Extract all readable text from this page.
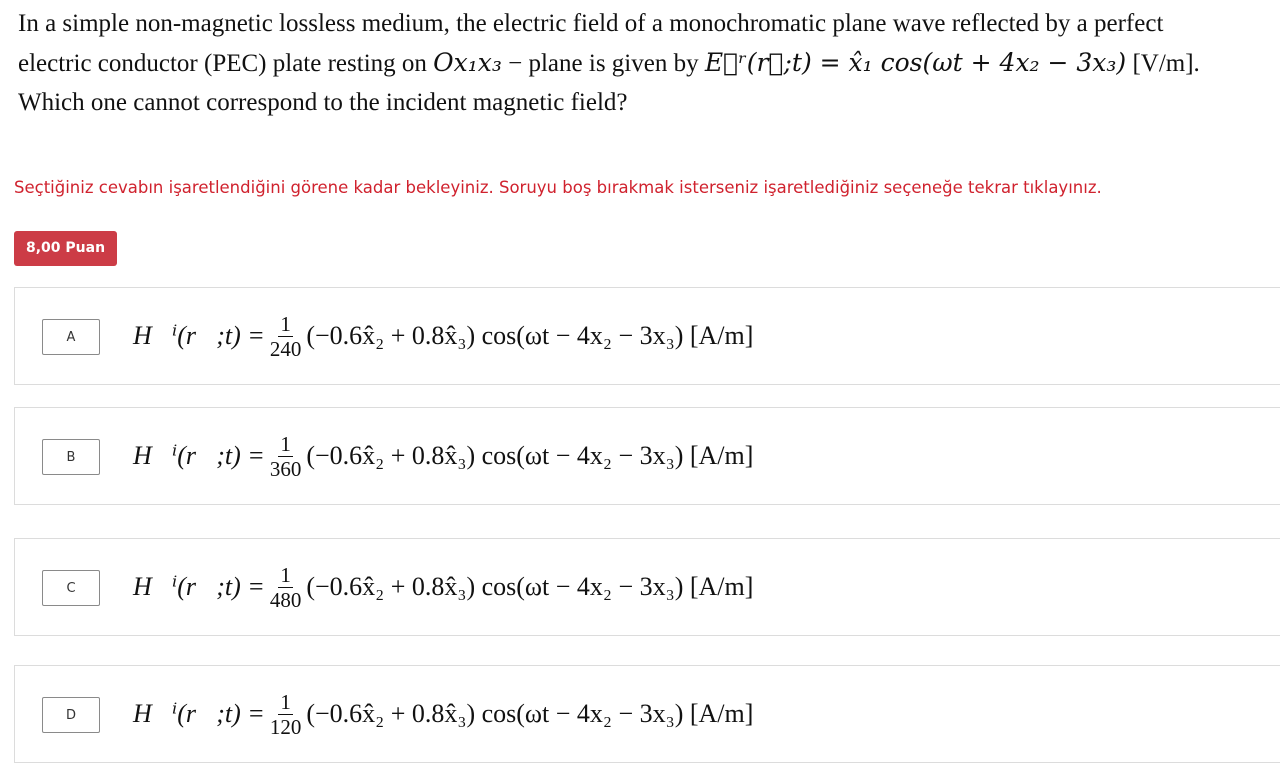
In a simple non-magnetic lossless medium, the electric field of a monochromatic plane wave reflected by a perfect
electric conductor (PEC) plate resting on Ox₁x₃ − plane is given by E⃗ʳ(r⃗;t) = x̂₁ cos(ωt + 4x₂ − 3x₃) [V/m].
Which one cannot correspond to the incident magnetic field?
Seçtiğiniz cevabın işaretlendiğini görene kadar bekleyiniz. Soruyu boş bırakmak isterseniz işaretlediğiniz seçeneğe tekrar tıklayınız.
8,00 Puan
A	H⃗ⁱ(r⃗;t) = $\frac{1}{240}$ (−0.6x̂₂ + 0.8x̂₃) cos(ωt − 4x₂ − 3x₃) [A/m]
B	H⃗ⁱ(r⃗;t) = $\frac{1}{360}$ (−0.6x̂₂ + 0.8x̂₃) cos(ωt − 4x₂ − 3x₃) [A/m]
C	H⃗ⁱ(r⃗;t) = $\frac{1}{480}$ (−0.6x̂₂ + 0.8x̂₃) cos(ωt − 4x₂ − 3x₃) [A/m]
D	H⃗ⁱ(r⃗;t) = $\frac{1}{120}$ (−0.6x̂₂ + 0.8x̂₃) cos(ωt − 4x₂ − 3x₃) [A/m]
